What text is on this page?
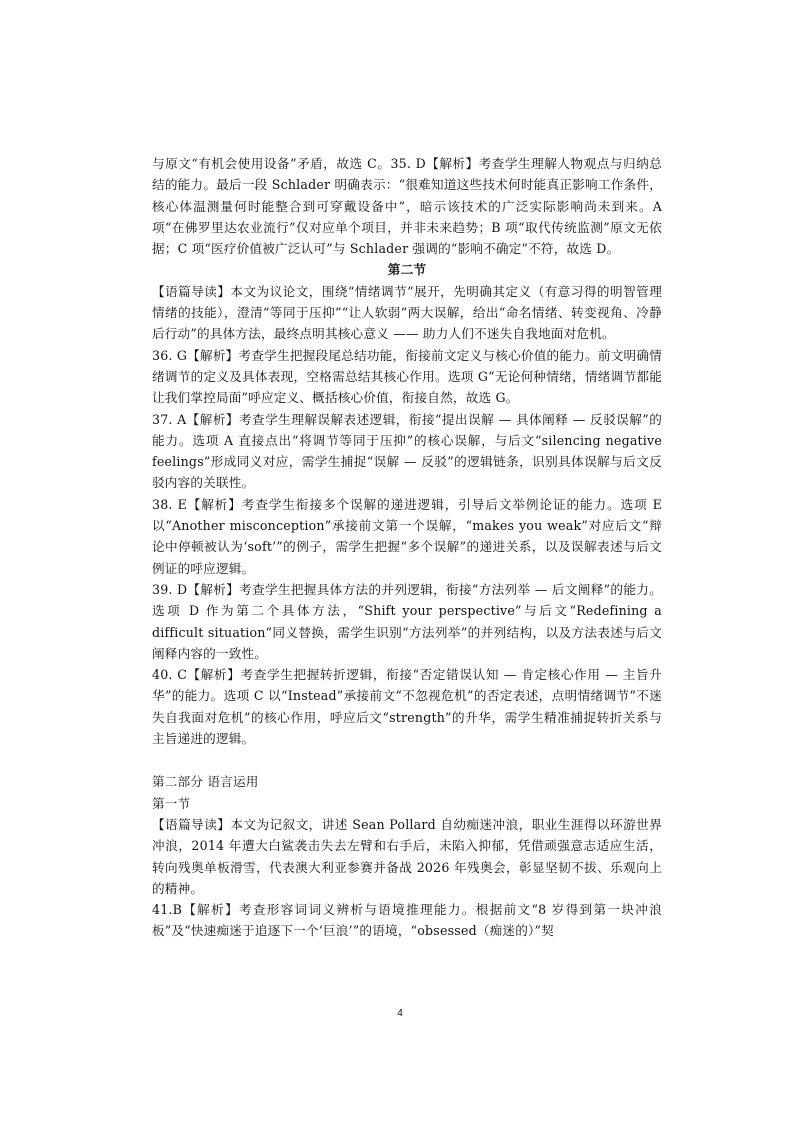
与原文“有机会使用设备”矛盾，故选 C。35. D【解析】考查学生理解人物观点与归纳总结的能力。最后一段 Schlader 明确表示：“很难知道这些技术何时能真正影响工作条件，核心体温测量何时能整合到可穿戴设备中”，暗示该技术的广泛实际影响尚未到来。A 项“在佛罗里达农业流行”仅对应单个项目，并非未来趋势；B 项“取代传统监测”原文无依据；C 项“医疗价值被广泛认可”与 Schlader 强调的“影响不确定”不符，故选 D。

第二节

【语篇导读】本文为议论文，围绕“情绪调节”展开，先明确其定义（有意习得的明智管理情绪的技能），澄清“等同于压抑”“让人软弱”两大误解，给出“命名情绪、转变视角、冷静后行动”的具体方法，最终点明其核心意义 —— 助力人们不迷失自我地面对危机。

36. G【解析】考查学生把握段尾总结功能，衔接前文定义与核心价值的能力。前文明确情绪调节的定义及具体表现，空格需总结其核心作用。选项 G“无论何种情绪，情绪调节都能让我们掌控局面”呼应定义、概括核心价值，衔接自然，故选 G。

37. A【解析】考查学生理解误解表述逻辑，衔接“提出误解 — 具体阐释 — 反驳误解”的能力。选项 A 直接点出“将调节等同于压抑”的核心误解，与后文“silencing negative feelings”形成同义对应，需学生捕捉“误解 — 反驳”的逻辑链条，识别具体误解与后文反驳内容的关联性。

38. E【解析】考查学生衔接多个误解的递进逻辑，引导后文举例论证的能力。选项 E 以“Another misconception”承接前文第一个误解，“makes you weak”对应后文“辩论中停顿被认为‘soft’”的例子，需学生把握“多个误解”的递进关系，以及误解表述与后文例证的呼应逻辑。

39. D【解析】考查学生把握具体方法的并列逻辑，衔接“方法列举 — 后文阐释”的能力。选项 D 作为第二个具体方法，“Shift your perspective”与后文“Redefining a difficult situation”同义替换，需学生识别“方法列举”的并列结构，以及方法表述与后文阐释内容的一致性。

40. C【解析】考查学生把握转折逻辑，衔接“否定错误认知 — 肯定核心作用 — 主旨升华”的能力。选项 C 以“Instead”承接前文“不忽视危机”的否定表述，点明情绪调节“不迷失自我面对危机”的核心作用，呼应后文“strength”的升华，需学生精准捕捉转折关系与主旨递进的逻辑。

第二部分 语言运用

第一节

【语篇导读】本文为记叙文，讲述 Sean Pollard 自幼痴迷冲浪，职业生涯得以环游世界冲浪，2014 年遭大白鲨袭击失去左臂和右手后，未陷入抑郁，凭借顽强意志适应生活，转向残奥单板滑雪，代表澳大利亚参赛并备战 2026 年残奥会，彰显坚韧不拔、乐观向上的精神。

41.B【解析】考查形容词词义辨析与语境推理能力。根据前文“8 岁得到第一块冲浪板”及“快速痴迷于追逐下一个‘巨浪’”的语境，“obsessed（痴迷的）”契

4
